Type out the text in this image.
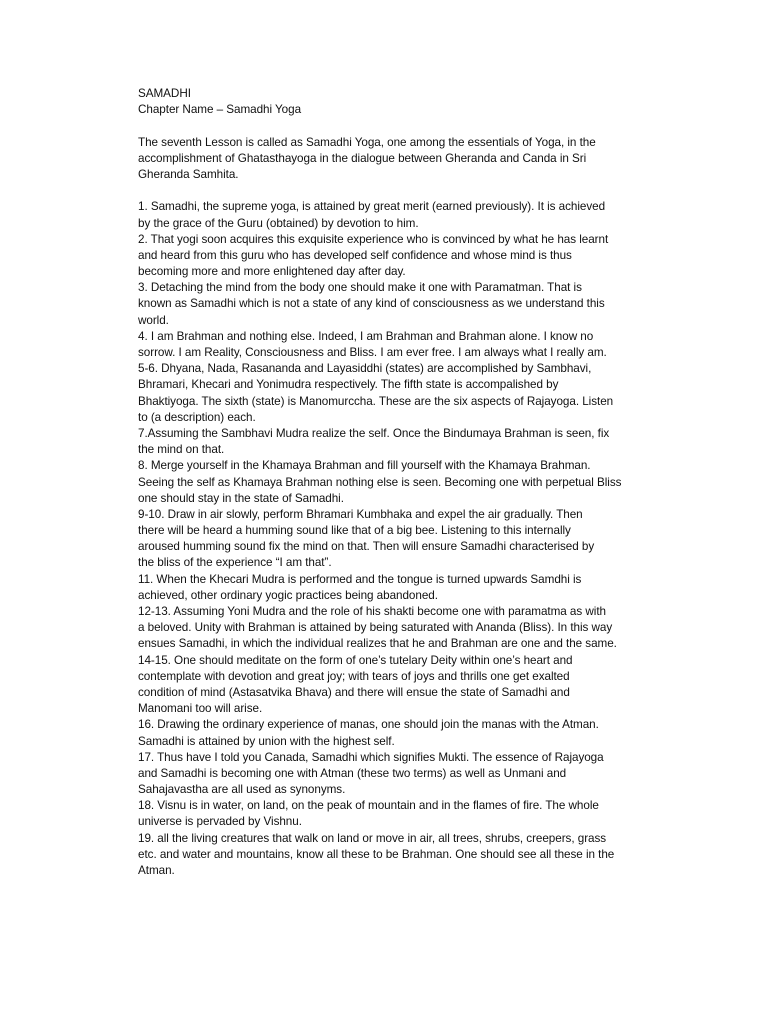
SAMADHI
Chapter Name – Samadhi Yoga
The seventh Lesson is called as Samadhi Yoga, one among the essentials of Yoga, in the
accomplishment of Ghatasthayoga in the dialogue between Gheranda and Canda in Sri
Gheranda Samhita.
1. Samadhi, the supreme yoga, is attained by great merit (earned previously). It is achieved
by the grace of the Guru (obtained) by devotion to him.
2. That yogi soon acquires this exquisite experience who is convinced by what he has learnt
and heard from this guru who has developed self confidence and whose mind is thus
becoming more and more enlightened day after day.
3. Detaching the mind from the body one should make it one with Paramatman. That is
known as Samadhi which is not a state of any kind of consciousness as we understand this
world.
4. I am Brahman and nothing else. Indeed, I am Brahman and Brahman alone. I know no
sorrow. I am Reality, Consciousness and Bliss. I am ever free. I am always what I really am.
5-6. Dhyana, Nada, Rasananda and Layasiddhi (states) are accomplished by Sambhavi,
Bhramari, Khecari and Yonimudra respectively. The fifth state is accompalished by
Bhaktiyoga. The sixth (state) is Manomurccha. These are the six aspects of Rajayoga. Listen
to (a description) each.
7.Assuming the Sambhavi Mudra realize the self. Once the Bindumaya Brahman is seen, fix
the mind on that.
8. Merge yourself in the Khamaya Brahman and fill yourself with the Khamaya Brahman.
Seeing the self as Khamaya Brahman nothing else is seen. Becoming one with perpetual Bliss
one should stay in the state of Samadhi.
9-10. Draw in air slowly, perform Bhramari Kumbhaka and expel the air gradually. Then
there will be heard a humming sound like that of a big bee. Listening to this internally
aroused humming sound fix the mind on that. Then will ensure Samadhi characterised by
the bliss of the experience “I am that”.
11. When the Khecari Mudra is performed and the tongue is turned upwards Samdhi is
achieved, other ordinary yogic practices being abandoned.
12-13. Assuming Yoni Mudra and the role of his shakti become one with paramatma as with
a beloved. Unity with Brahman is attained by being saturated with Ananda (Bliss). In this way
ensues Samadhi, in which the individual realizes that he and Brahman are one and the same.
14-15. One should meditate on the form of one’s tutelary Deity within one’s heart and
contemplate with devotion and great joy; with tears of joys and thrills one get exalted
condition of mind (Astasatvika Bhava) and there will ensue the state of Samadhi and
Manomani too will arise.
16. Drawing the ordinary experience of manas, one should join the manas with the Atman.
Samadhi is attained by union with the highest self.
17. Thus have I told you Canada, Samadhi which signifies Mukti. The essence of Rajayoga
and Samadhi is becoming one with Atman (these two terms) as well as Unmani and
Sahajavasthа are all used as synonyms.
18. Visnu is in water, on land, on the peak of mountain and in the flames of fire. The whole
universe is pervaded by Vishnu.
19. all the living creatures that walk on land or move in air, all trees, shrubs, creepers, grass
etc. and water and mountains, know all these to be Brahman. One should see all these in the
Atman.
